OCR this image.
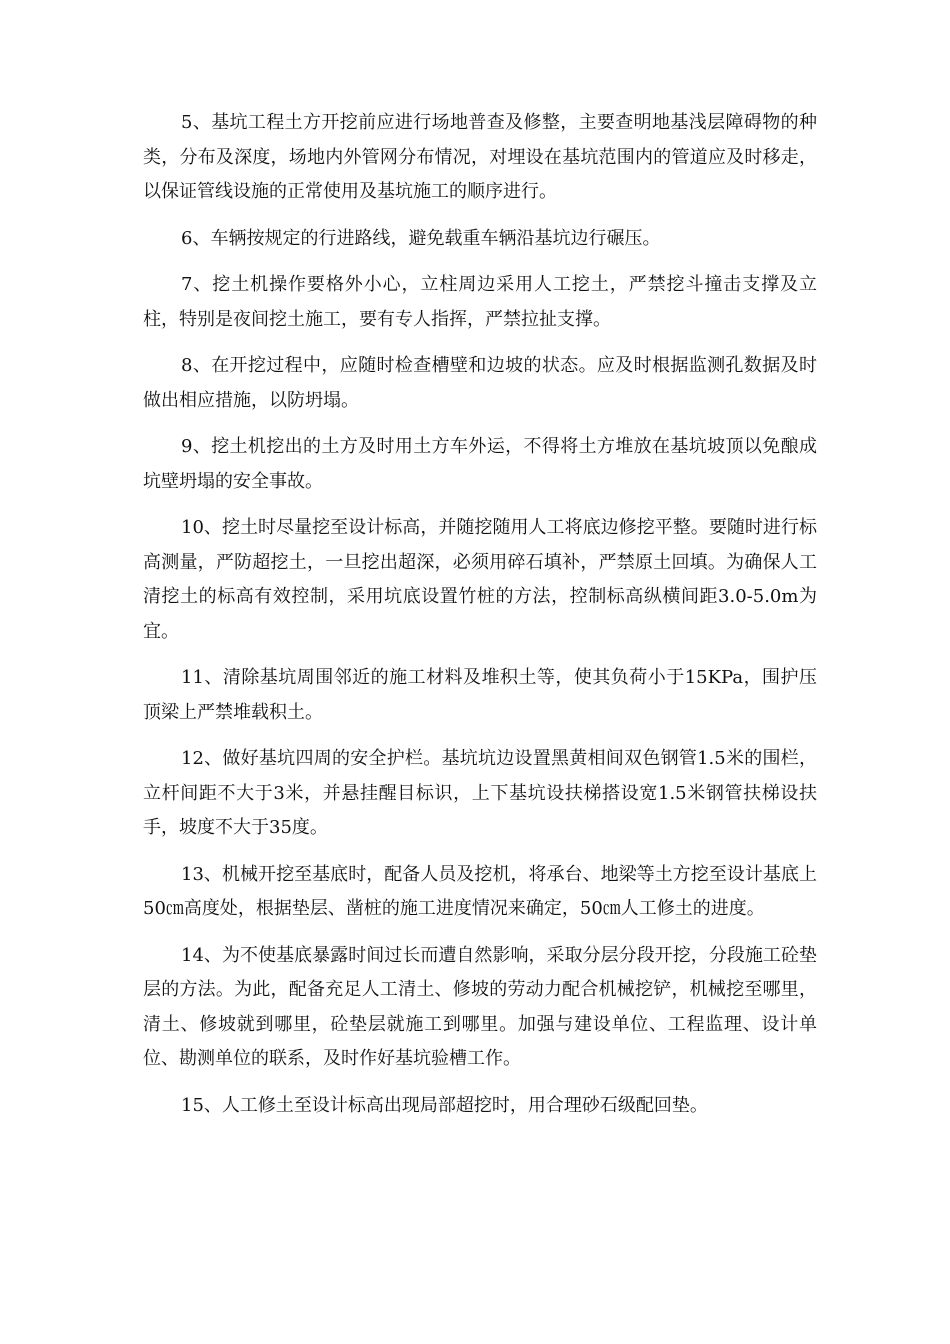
5、基坑工程土方开挖前应进行场地普查及修整，主要查明地基浅层障碍物的种类，分布及深度，场地内外管网分布情况，对埋设在基坑范围内的管道应及时移走，以保证管线设施的正常使用及基坑施工的顺序进行。

6、车辆按规定的行进路线，避免载重车辆沿基坑边行碾压。

7、挖土机操作要格外小心，立柱周边采用人工挖土，严禁挖斗撞击支撑及立柱，特别是夜间挖土施工，要有专人指挥，严禁拉扯支撑。

8、在开挖过程中，应随时检查槽壁和边坡的状态。应及时根据监测孔数据及时做出相应措施，以防坍塌。

9、挖土机挖出的土方及时用土方车外运，不得将土方堆放在基坑坡顶以免酿成坑壁坍塌的安全事故。

10、挖土时尽量挖至设计标高，并随挖随用人工将底边修挖平整。要随时进行标高测量，严防超挖土，一旦挖出超深，必须用碎石填补，严禁原土回填。为确保人工清挖土的标高有效控制，采用坑底设置竹桩的方法，控制标高纵横间距3.0-5.0m为宜。

11、清除基坑周围邻近的施工材料及堆积土等，使其负荷小于15KPa，围护压顶梁上严禁堆载积土。

12、做好基坑四周的安全护栏。基坑坑边设置黑黄相间双色钢管1.5米的围栏，立杆间距不大于3米，并悬挂醒目标识，上下基坑设扶梯搭设宽1.5米钢管扶梯设扶手，坡度不大于35度。

13、机械开挖至基底时，配备人员及挖机，将承台、地梁等土方挖至设计基底上50㎝高度处，根据垫层、凿桩的施工进度情况来确定，50㎝人工修土的进度。

14、为不使基底暴露时间过长而遭自然影响，采取分层分段开挖，分段施工砼垫层的方法。为此，配备充足人工清土、修坡的劳动力配合机械挖铲，机械挖至哪里，清土、修坡就到哪里，砼垫层就施工到哪里。加强与建设单位、工程监理、设计单位、勘测单位的联系，及时作好基坑验槽工作。

15、人工修土至设计标高出现局部超挖时，用合理砂石级配回垫。
